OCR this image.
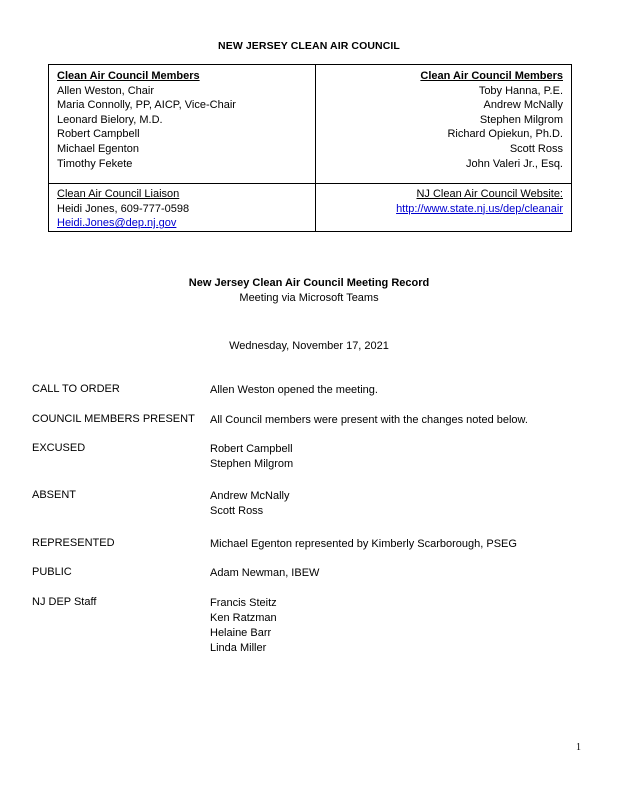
NEW JERSEY CLEAN AIR COUNCIL
Clean Air Council Members
Allen Weston, Chair
Maria Connolly, PP, AICP, Vice-Chair
Leonard Bielory, M.D.
Robert Campbell
Michael Egenton
Timothy Fekete
Clean Air Council Members
Toby Hanna, P.E.
Andrew McNally
Stephen Milgrom
Richard Opiekun, Ph.D.
Scott Ross
John Valeri Jr., Esq.
Clean Air Council Liaison
Heidi Jones, 609-777-0598
Heidi.Jones@dep.nj.gov
NJ Clean Air Council Website:
http://www.state.nj.us/dep/cleanair
New Jersey Clean Air Council Meeting Record
Meeting via Microsoft Teams
Wednesday, November 17, 2021
CALL TO ORDER	Allen Weston opened the meeting.
COUNCIL MEMBERS PRESENT All Council members were present with the changes noted below.
EXCUSED	Robert Campbell
Stephen Milgrom
ABSENT	Andrew McNally
Scott Ross
REPRESENTED	Michael Egenton represented by Kimberly Scarborough, PSEG
PUBLIC	Adam Newman, IBEW
NJ DEP Staff	Francis Steitz
Ken Ratzman
Helaine Barr
Linda Miller
1
